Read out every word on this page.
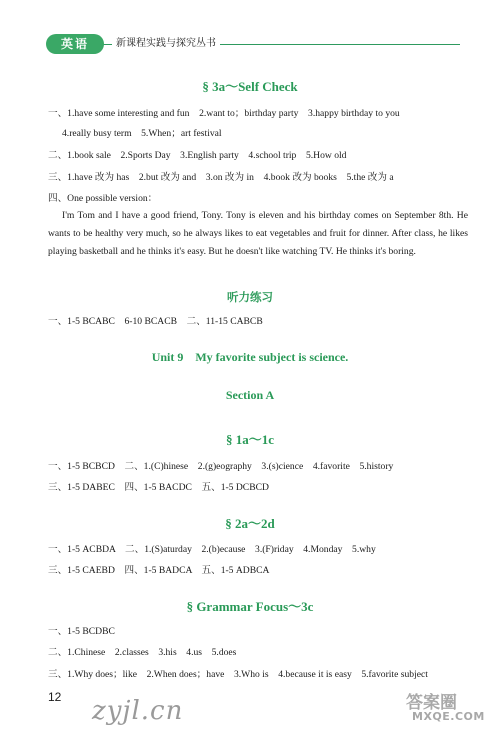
英语	新课程实践与探究丛书
§ 3a～Self Check
一、1.have some interesting and fun　2.want to；birthday party　3.happy birthday to you
4.really busy term　5.When；art festival
二、1.book sale　2.Sports Day　3.English party　4.school trip　5.How old
三、1.have 改为 has　2.but 改为 and　3.on 改为 in　4.book 改为 books　5.the 改为 a
四、One possible version：
I'm Tom and I have a good friend, Tony. Tony is eleven and his birthday comes on September 8th. He wants to be healthy very much, so he always likes to eat vegetables and fruit for dinner. After class, he likes playing basketball and he thinks it's easy. But he doesn't like watching TV. He thinks it's boring.
听力练习
一、1-5 BCABC　6-10 BCACB　二、11-15 CABCB
Unit 9　My favorite subject is science.
Section A
§ 1a～1c
一、1-5 BCBCD　二、1.(C)hinese　2.(g)eography　3.(s)cience　4.favorite　5.history
三、1-5 DABEC　四、1-5 BACDC　五、1-5 DCBCD
§ 2a～2d
一、1-5 ACBDA　二、1.(S)aturday　2.(b)ecause　3.(F)riday　4.Monday　5.why
三、1-5 CAEBD　四、1-5 BADCA　五、1-5 ADBCA
§ Grammar Focus～3c
一、1-5 BCDBC
二、1.Chinese　2.classes　3.his　4.us　5.does
三、1.Why does；like　2.When does；have　3.Who is　4.because it is easy　5.favorite subject
12 zyjl.cn	答案圈
MXQE.COM
